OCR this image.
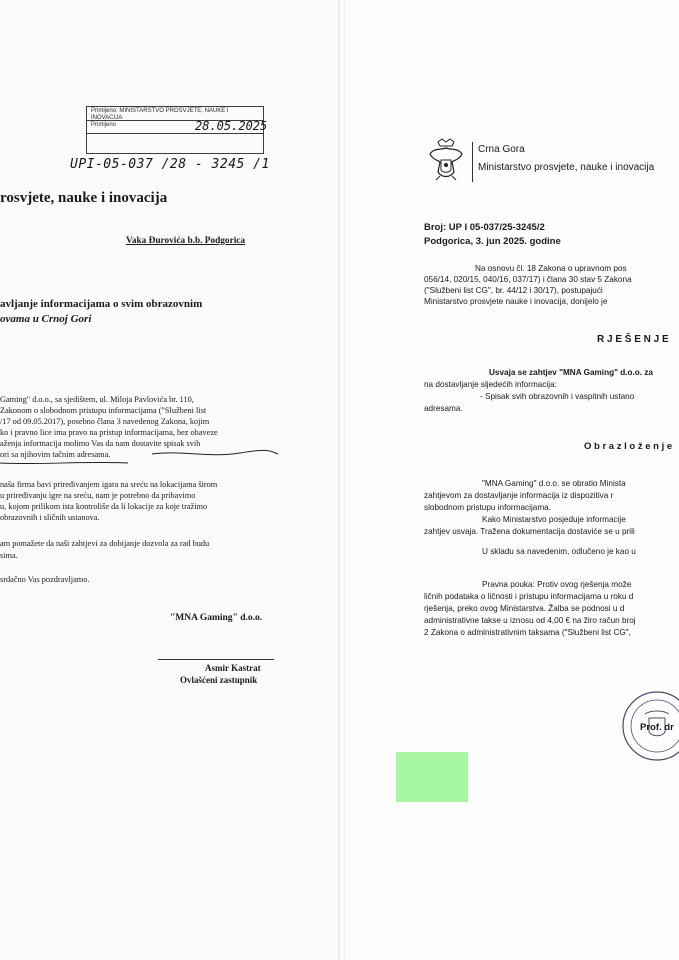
Primljeno: MINISTARSTVO PROSVJETE, NAUKE I INOVACIJA
Primljeno	28.05.2025
UPI-05-037 /28 - 3245 /1
rosvjete, nauke i inovacija
Vaka Đurovića b.b. Podgorica
avljanje informacijama o svim obrazovnim
ovama u Crnoj Gori
Gaming" d.o.o., sa sjedištem, ul. Miloja Pavlovića br. 110,
Zakonom o slobodnom pristupu informacijama ("Službeni list
/17 od 09.05.2017), posebno člana 3 navedenog Zakona, kojim
ko i pravno lice ima pravo na pristup informacijama, bez obaveze
aženja informacija molimo Vas da nam dostavite spisak svih
ori sa njihovim tačnim adresama.
naša firma bavi priređivanjem igara na sreću na lokacijama širom
u priređivanju igre na sreću, nam je potrebno da pribavimo
u, kojom prilikom ista kontroliše da li lokacije za koje tražimo
obrazovnih i sličnih ustanova.
am pomažete da naši zahtjevi za dobijanje dozvola za rad budu
sima.
srdačno Vas pozdravljamo.
"MNA Gaming" d.o.o.
Asmir Kastrat
Ovlašćeni zastupnik
Crna Gora
Ministarstvo prosvjete, nauke i inovacija
Broj: UP I 05-037/25-3245/2
Podgorica, 3. jun 2025. godine
Na osnovu čl. 18 Zakona o upravnom pos
056/14, 020/15, 040/16, 037/17) i člana 30 stav 5 Zakona
("Službeni list CG", br. 44/12 i 30/17), postupajući
Ministarstvo prosvjete nauke i inovacija, donijelo je
R J E Š E N J E
Usvaja se zahtjev "MNA Gaming" d.o.o. za
na dostavljanje sljedećih informacija:
- Spisak svih obrazovnih i vaspitnih ustano
adresama.
O b r a z l o ž e n j e
"MNA Gaming" d.o.o. se obratio Minista
zahtjevom za dostavljanje informacija iz dispozitiva r
slobodnom pristupu informacijama.
Kako Ministarstvo posjeduje informacije
zahtjev usvaja. Tražena dokumentacija dostaviće se u prili
U skladu sa navedenim, odlučeno je kao u
Pravna pouka: Protiv ovog rješenja može
ličnih podataka o ličnosti i pristupu informacijama u roku d
rješenja, preko ovog Ministarstva. Žalba se podnosi u d
administrativne takse u iznosu od 4,00 € na žiro račun broj
2 Zakona o administrativnim taksama ("Službeni list CG",
Prof. dr
